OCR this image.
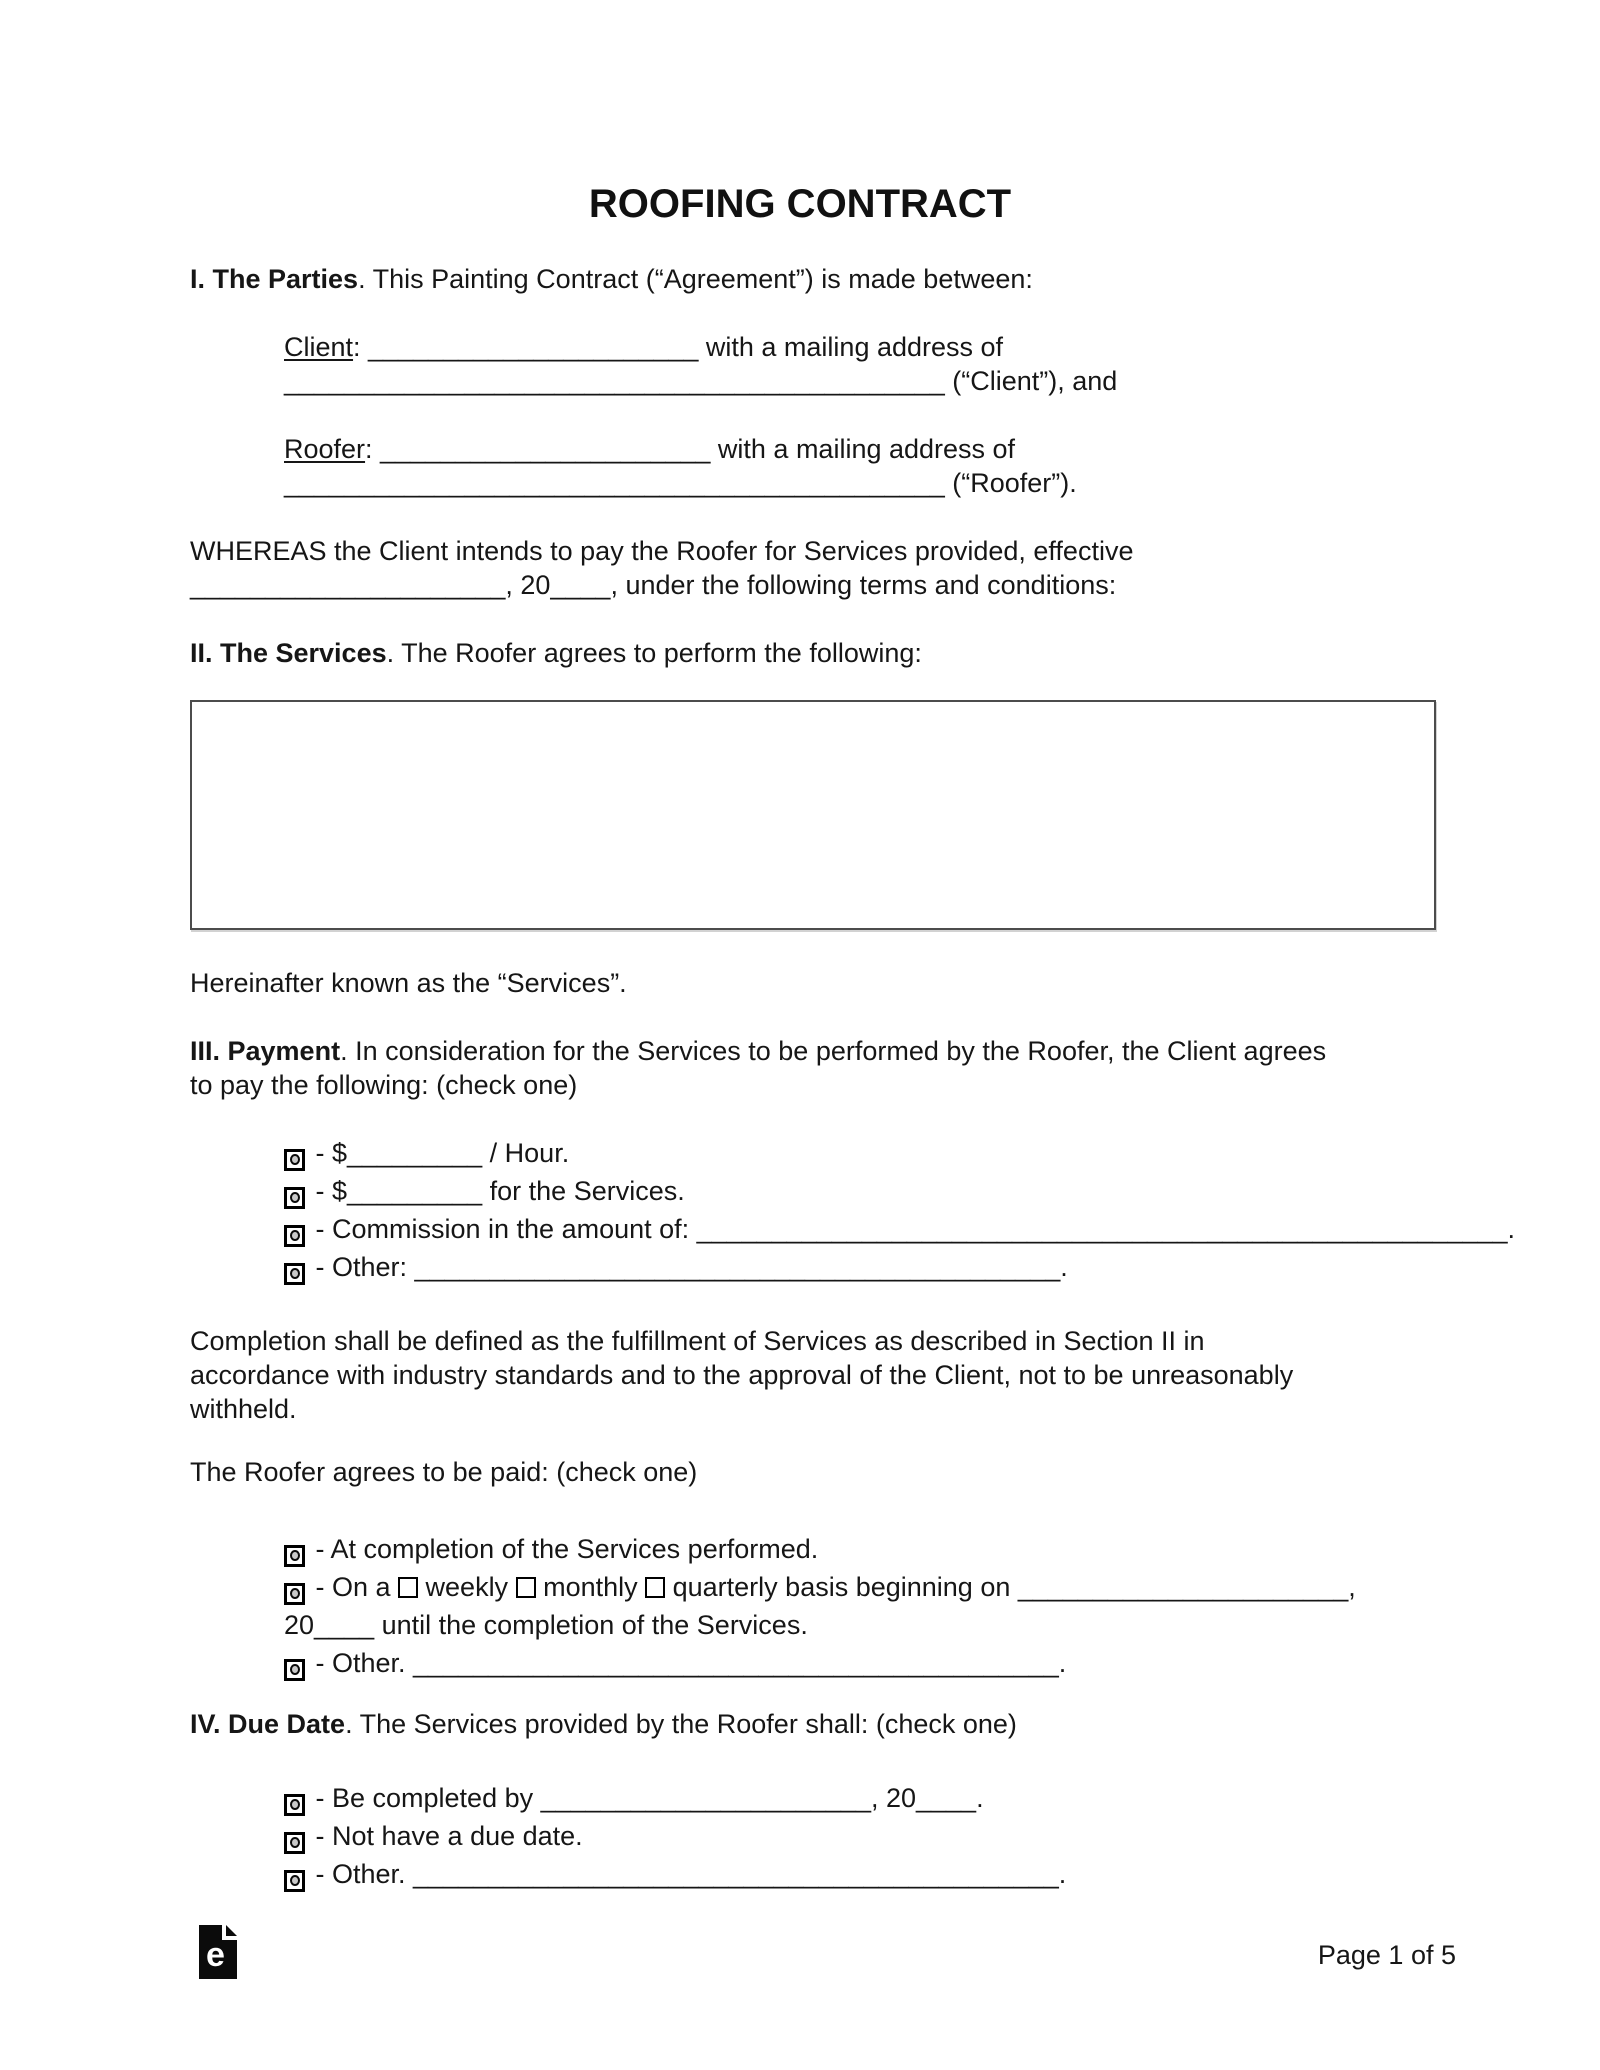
ROOFING CONTRACT
I. The Parties. This Painting Contract (“Agreement”) is made between:
Client: ______________________ with a mailing address of
____________________________________________ (“Client”), and
Roofer: ______________________ with a mailing address of
____________________________________________ (“Roofer”).
WHEREAS the Client intends to pay the Roofer for Services provided, effective
_____________________, 20____, under the following terms and conditions:
II. The Services. The Roofer agrees to perform the following:
Hereinafter known as the “Services”.
III. Payment. In consideration for the Services to be performed by the Roofer, the Client agrees
to pay the following: (check one)
- $_________ / Hour.
- $_________ for the Services.
- Commission in the amount of: ______________________________________________________.
- Other: ___________________________________________.
Completion shall be defined as the fulfillment of Services as described in Section II in
accordance with industry standards and to the approval of the Client, not to be unreasonably
withheld.
The Roofer agrees to be paid: (check one)
- At completion of the Services performed.
- On a  weekly  monthly  quarterly basis beginning on ______________________,
20____ until the completion of the Services.
- Other. ___________________________________________.
IV. Due Date. The Services provided by the Roofer shall: (check one)
- Be completed by ______________________, 20____.
- Not have a due date.
- Other. ___________________________________________.
e	Page 1 of 5
